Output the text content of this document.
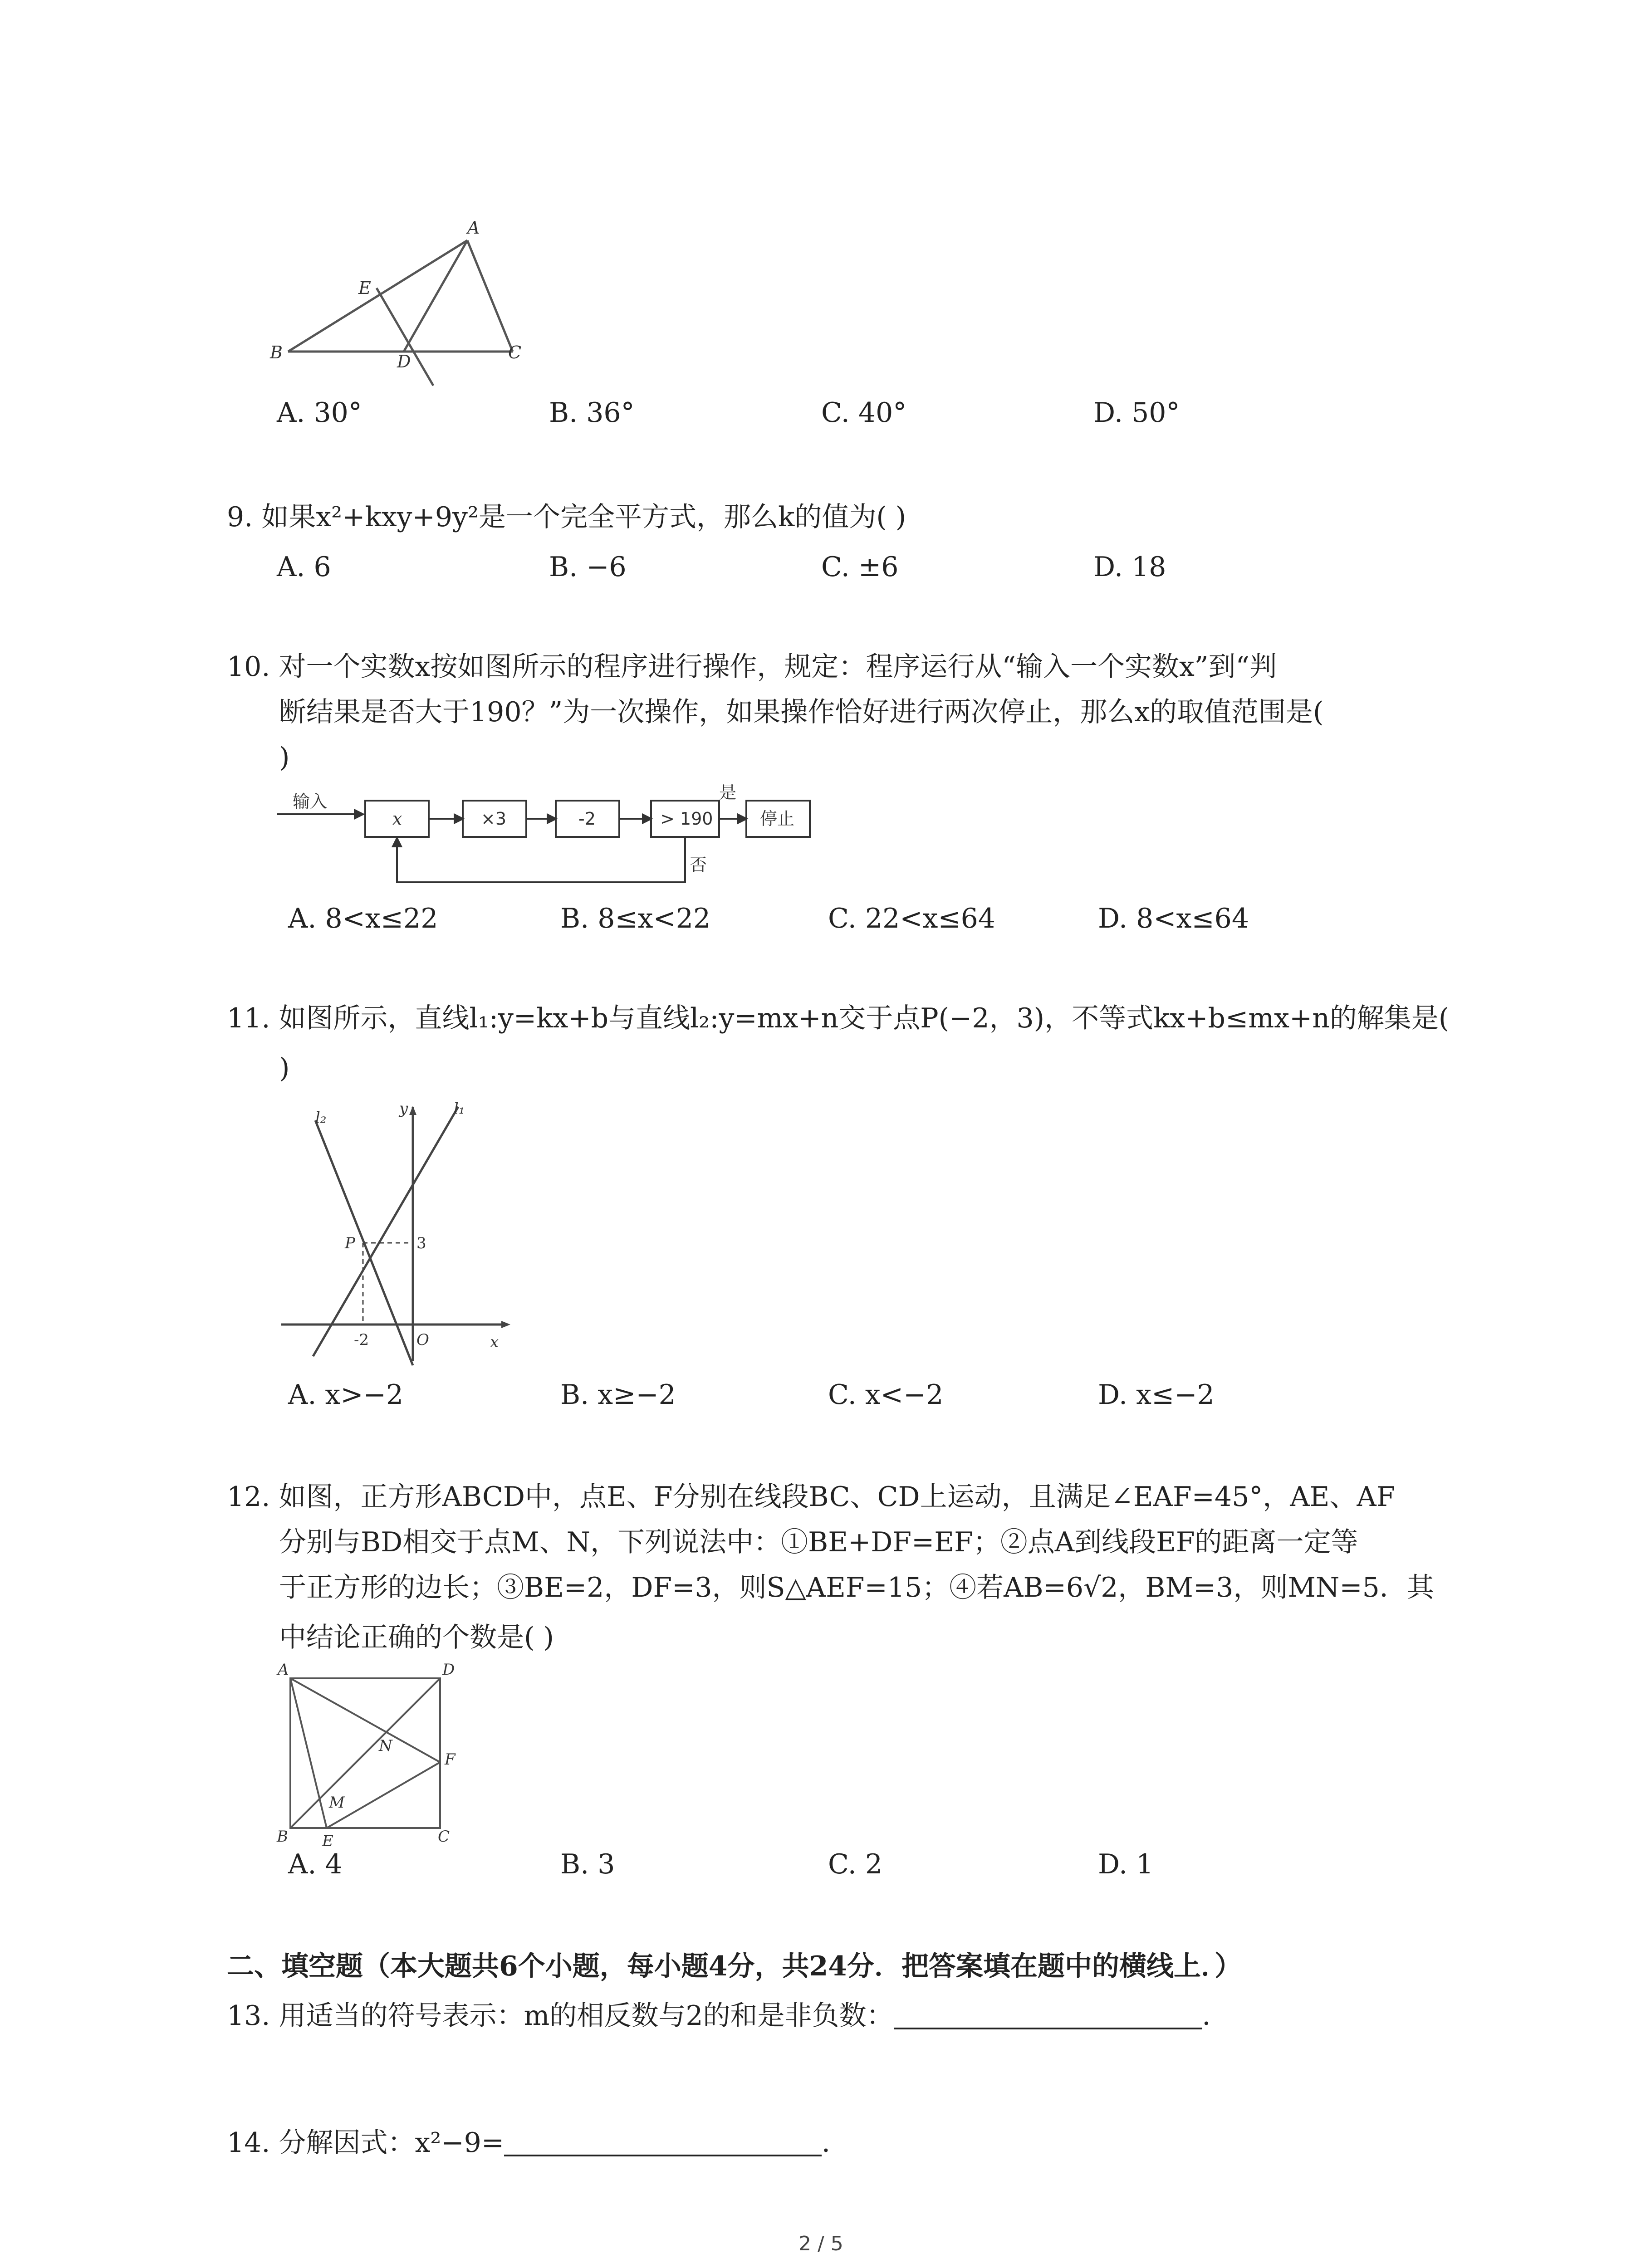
A
E
B	D	C
A. 30°	B. 36°	C. 40°	D. 50°
9. 如果x²+kxy+9y²是一个完全平方式，那么k的值为( )
A. 6	B. −6	C. ±6	D. 18
10. 对一个实数x按如图所示的程序进行操作，规定：程序运行从“输入一个实数x”到“判
断结果是否大于190？”为一次操作，如果操作恰好进行两次停止，那么x的取值范围是(
)
输入
x	×3	-2	> 190
是
停止
否
A. 8<x≤22	B. 8≤x<22	C. 22<x≤64	D. 8<x≤64
11. 如图所示，直线l₁:y=kx+b与直线l₂:y=mx+n交于点P(−2，3)，不等式kx+b≤mx+n的解集是(
)
l₂	y	l₁
P	3
-2	O	x
A. x>−2	B. x≥−2	C. x<−2	D. x≤−2
12. 如图，正方形ABCD中，点E、F分别在线段BC、CD上运动，且满足∠EAF=45°，AE、AF
分别与BD相交于点M、N，下列说法中：①BE+DF=EF；②点A到线段EF的距离一定等
于正方形的边长；③BE=2，DF=3，则S△AEF=15；④若AB=6√2，BM=3，则MN=5．其
中结论正确的个数是( )
A	D
N
F
M
B E	C
A. 4	B. 3	C. 2	D. 1
二、填空题（本大题共6个小题，每小题4分，共24分．把答案填在题中的横线上．）
13. 用适当的符号表示：m的相反数与2的和是非负数：	．
14. 分解因式：x²−9=	．
2 / 5
